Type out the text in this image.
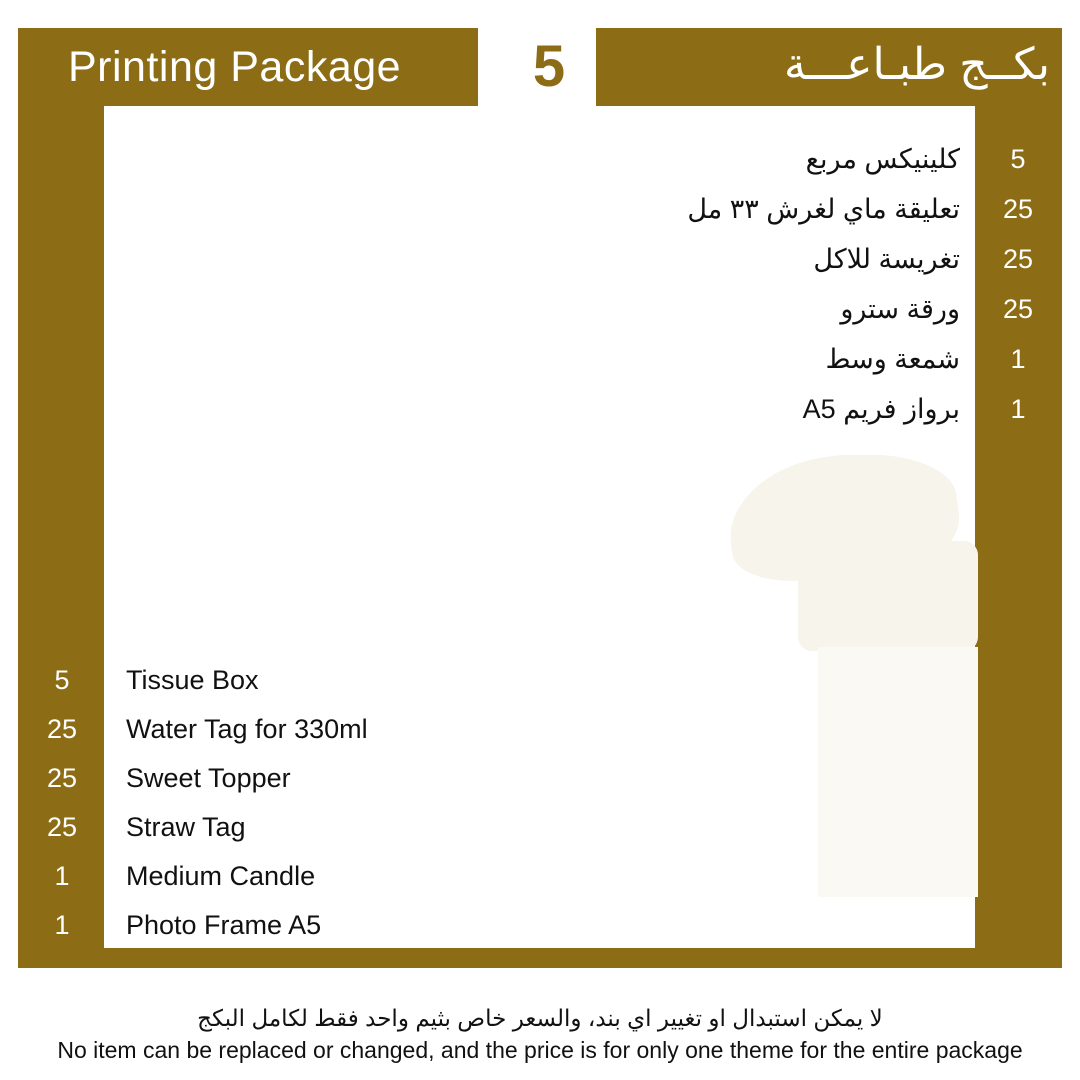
Printing Package	5	بكــج طبـاعـــة
كلينيكس مربع
تعليقة ماي لغرش ٣٣ مل
تغريسة للاكل
ورقة سترو
شمعة وسط
برواز فريم A5
5
25
25
25
1
1
Tissue Box
Water Tag for 330ml
Sweet Topper
Straw Tag
Medium Candle
Photo Frame A5
5
25
25
25
1
1
لا يمكن استبدال او تغيير اي بند، والسعر خاص بثيم واحد فقط لكامل البكج
No item can be replaced or changed, and the price is for only one theme for the entire package
